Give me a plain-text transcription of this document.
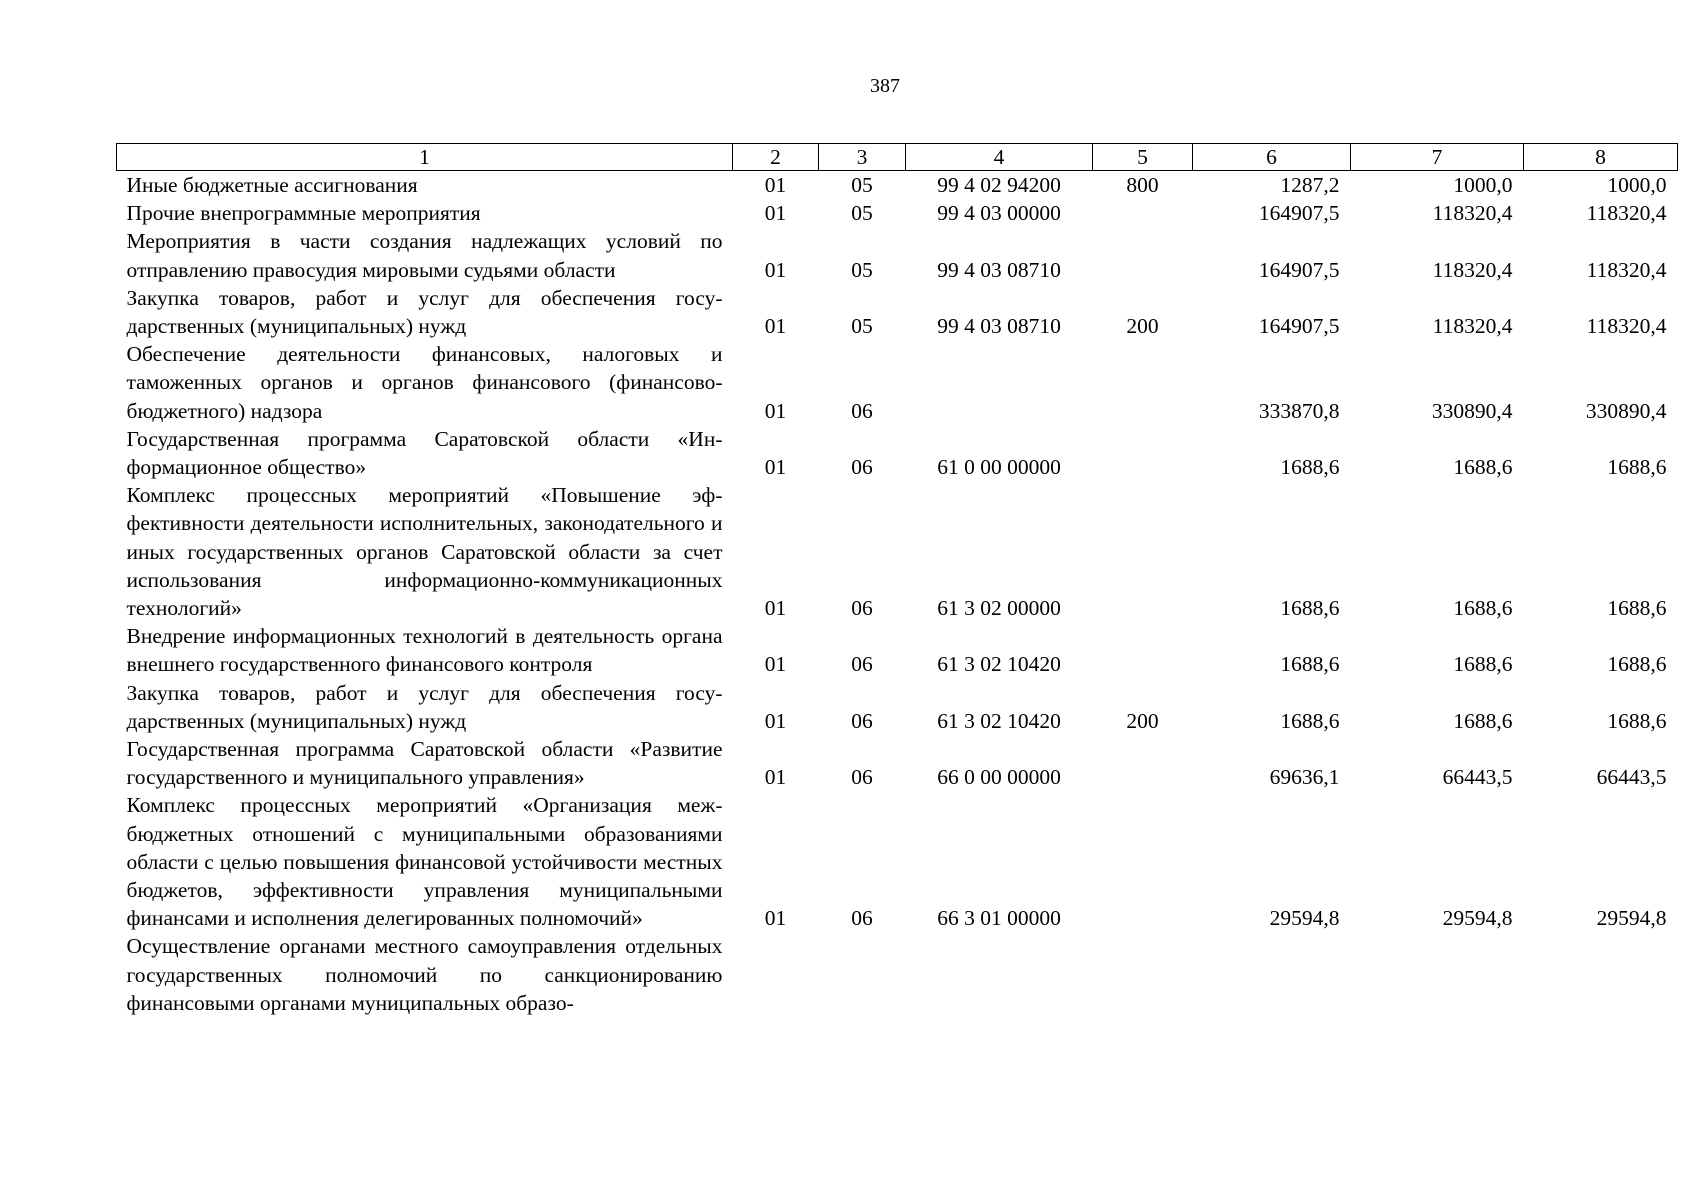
387
1	2	3	4	5	6	7	8
Иные бюджетные ассигнования	01	05	99 4 02 94200	800	1287,2	1000,0	1000,0
Прочие внепрограммные мероприятия	01	05	99 4 03 00000		164907,5	118320,4	118320,4
Мероприятия в части создания надлежащих условий по отправлению правосудия мировыми судьями области	01	05	99 4 03 08710		164907,5	118320,4	118320,4
Закупка товаров, работ и услуг для обеспечения государственных (муниципальных) нужд	01	05	99 4 03 08710	200	164907,5	118320,4	118320,4
Обеспечение деятельности финансовых, налоговых и таможенных органов и органов финансового (финансово-бюджетного) надзора	01	06			333870,8	330890,4	330890,4
Государственная программа Саратовской области «Информационное общество»	01	06	61 0 00 00000		1688,6	1688,6	1688,6
Комплекс процессных мероприятий «Повышение эффективности деятельности исполнительных, законодательного и иных государственных органов Саратовской области за счет использования информационно-коммуникационных технологий»	01	06	61 3 02 00000		1688,6	1688,6	1688,6
Внедрение информационных технологий в деятельность органа внешнего государственного финансового контроля	01	06	61 3 02 10420		1688,6	1688,6	1688,6
Закупка товаров, работ и услуг для обеспечения государственных (муниципальных) нужд	01	06	61 3 02 10420	200	1688,6	1688,6	1688,6
Государственная программа Саратовской области «Развитие государственного и муниципального управления»	01	06	66 0 00 00000		69636,1	66443,5	66443,5
Комплекс процессных мероприятий «Организация межбюджетных отношений с муниципальными образованиями области с целью повышения финансовой устойчивости местных бюджетов, эффективности управления муниципальными финансами и исполнения делегированных полномочий»	01	06	66 3 01 00000		29594,8	29594,8	29594,8
Осуществление органами местного самоуправления отдельных государственных полномочий по санкционированию финансовыми органами муниципальных образо-							
